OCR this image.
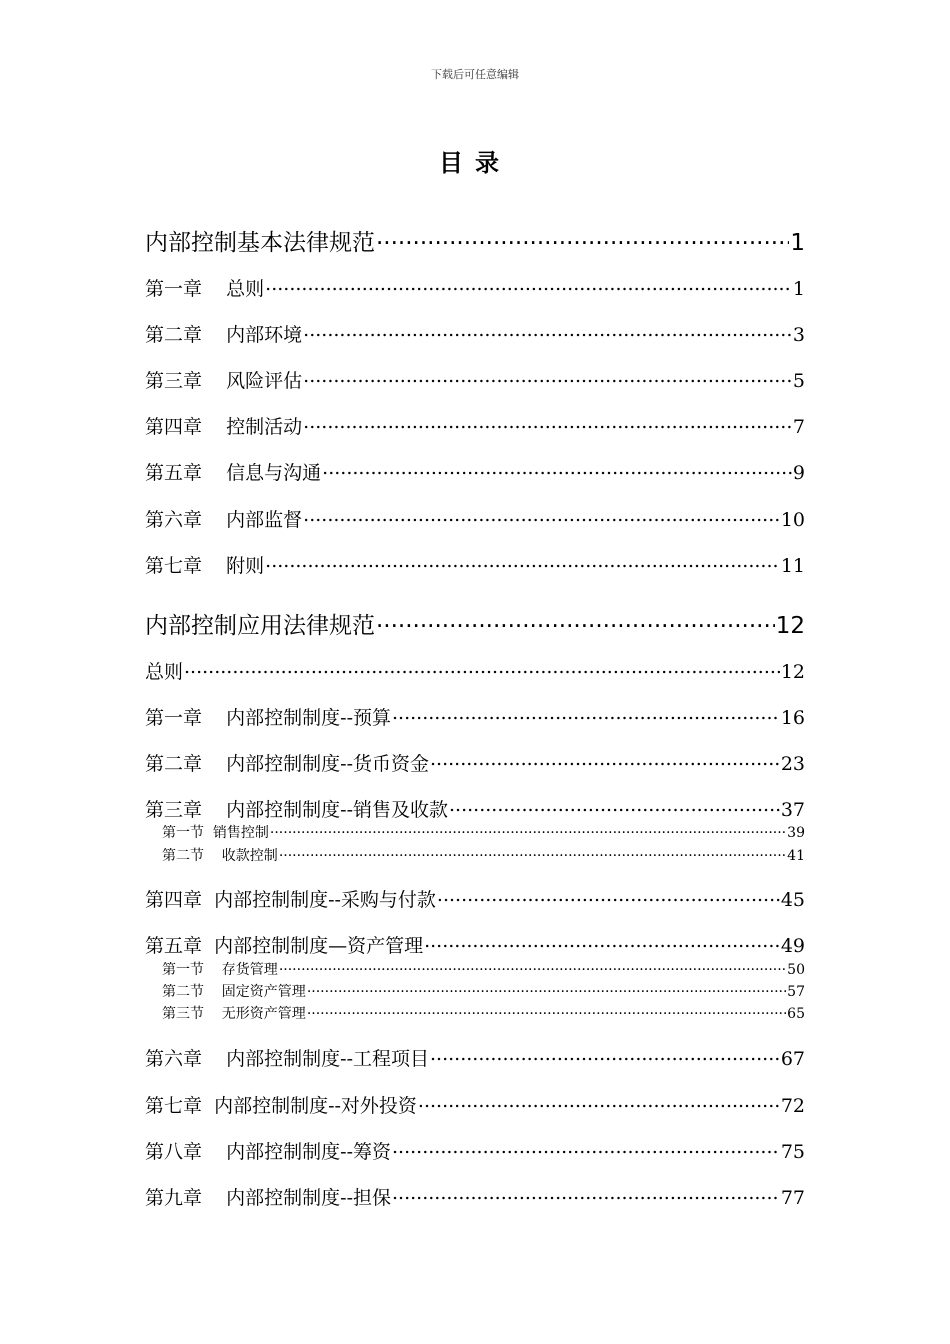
下载后可任意编辑
目录
内部控制基本法律规范 .....	1
第一章    总则 .....	1
第二章    内部环境 .....	3
第三章    风险评估 .....	5
第四章    控制活动 .....	7
第五章    信息与沟通 .....	9
第六章    内部监督 .....	10
第七章    附则 .....	11
内部控制应用法律规范 .....	12
总则 .....	12
第一章    内部控制制度--预算 .....	16
第二章    内部控制制度--货币资金 .....	23
第三章    内部控制制度--销售及收款 .....	37
第一节  销售控制 .....	39
第二节    收款控制 .....	41
第四章  内部控制制度--采购与付款 .....	45
第五章  内部控制制度—资产管理 .....	49
第一节    存货管理 .....	50
第二节    固定资产管理 .....	57
第三节    无形资产管理 .....	65
第六章    内部控制制度--工程项目 .....	67
第七章  内部控制制度--对外投资 .....	72
第八章    内部控制制度--筹资 .....	75
第九章    内部控制制度--担保 .....	77
